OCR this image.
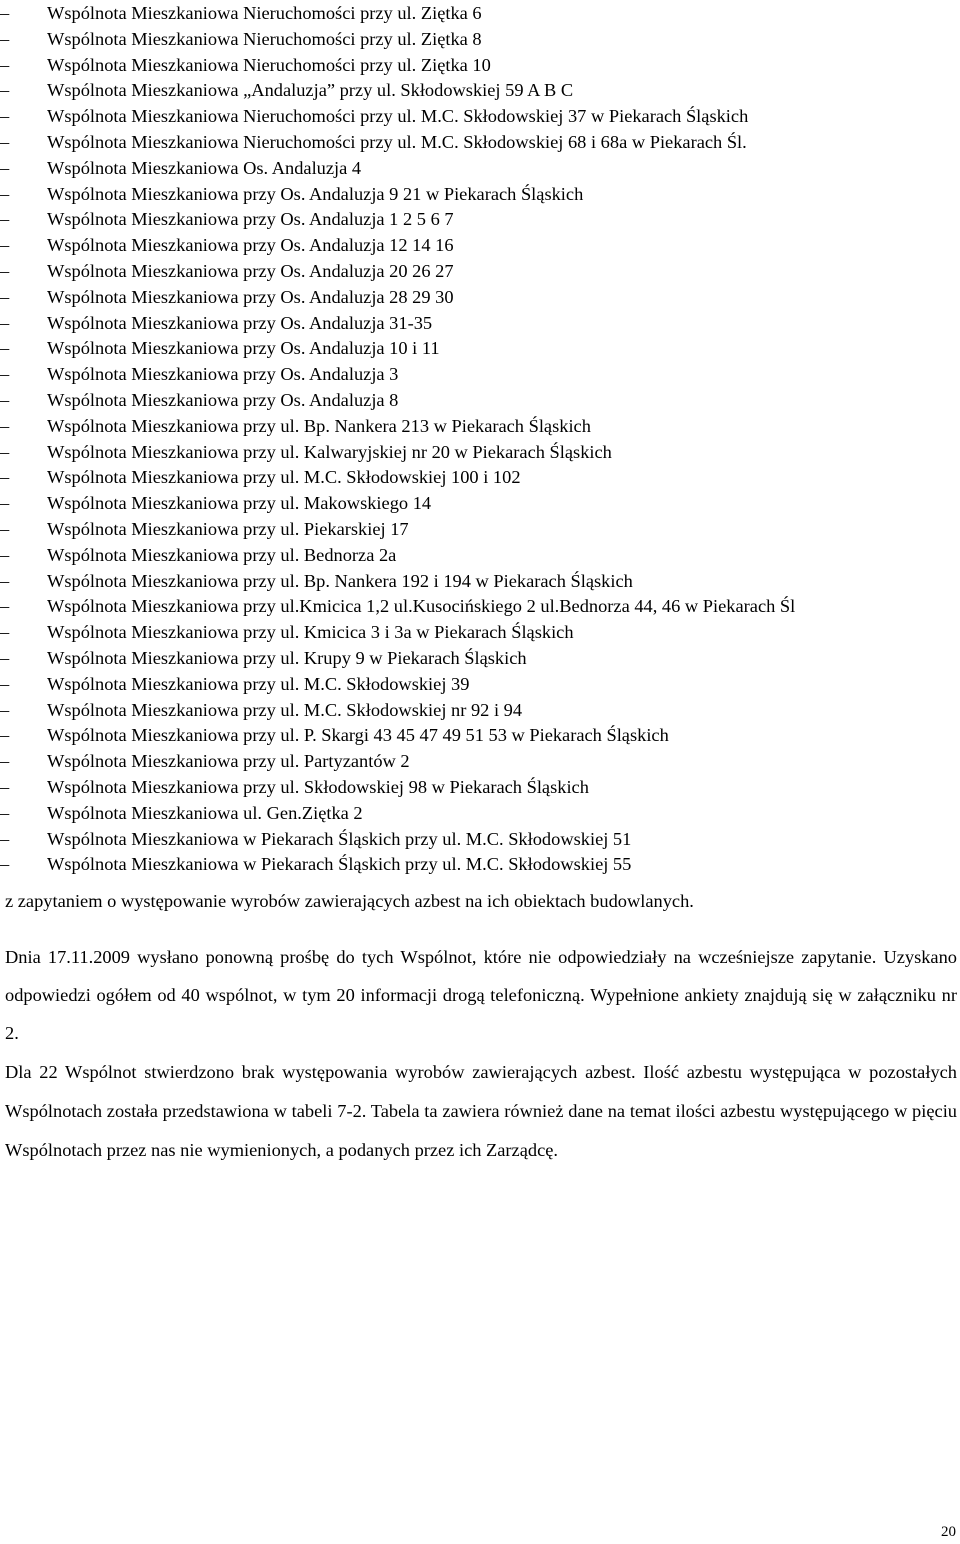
–	Wspólnota Mieszkaniowa Nieruchomości przy ul. Ziętka 6
–	Wspólnota Mieszkaniowa Nieruchomości przy ul. Ziętka 8
–	Wspólnota Mieszkaniowa Nieruchomości przy ul. Ziętka 10
–	Wspólnota Mieszkaniowa „Andaluzja” przy ul. Skłodowskiej 59 A B C
–	Wspólnota Mieszkaniowa Nieruchomości przy ul. M.C. Skłodowskiej 37 w Piekarach Śląskich
–	Wspólnota Mieszkaniowa Nieruchomości przy ul. M.C. Skłodowskiej 68 i 68a w Piekarach Śl.
–	Wspólnota Mieszkaniowa Os. Andaluzja 4
–	Wspólnota Mieszkaniowa przy Os. Andaluzja 9 21 w Piekarach Śląskich
–	Wspólnota Mieszkaniowa przy Os. Andaluzja 1 2 5 6 7
–	Wspólnota Mieszkaniowa przy Os. Andaluzja 12 14 16
–	Wspólnota Mieszkaniowa przy Os. Andaluzja 20 26 27
–	Wspólnota Mieszkaniowa przy Os. Andaluzja 28 29 30
–	Wspólnota Mieszkaniowa przy Os. Andaluzja 31-35
–	Wspólnota Mieszkaniowa przy Os. Andaluzja 10 i 11
–	Wspólnota Mieszkaniowa przy Os. Andaluzja 3
–	Wspólnota Mieszkaniowa przy Os. Andaluzja 8
–	Wspólnota Mieszkaniowa przy ul. Bp. Nankera 213 w Piekarach Śląskich
–	Wspólnota Mieszkaniowa przy ul. Kalwaryjskiej nr 20 w Piekarach Śląskich
–	Wspólnota Mieszkaniowa przy ul. M.C. Skłodowskiej 100 i 102
–	Wspólnota Mieszkaniowa przy ul. Makowskiego 14
–	Wspólnota Mieszkaniowa przy ul. Piekarskiej 17
–	Wspólnota Mieszkaniowa przy ul. Bednorza 2a
–	Wspólnota Mieszkaniowa przy ul. Bp. Nankera 192 i 194 w Piekarach Śląskich
–	Wspólnota Mieszkaniowa przy ul.Kmicica 1,2 ul.Kusocińskiego 2 ul.Bednorza 44, 46 w Piekarach Śl
–	Wspólnota Mieszkaniowa przy ul. Kmicica 3 i 3a w Piekarach Śląskich
–	Wspólnota Mieszkaniowa przy ul. Krupy 9 w Piekarach Śląskich
–	Wspólnota Mieszkaniowa przy ul. M.C. Skłodowskiej 39
–	Wspólnota Mieszkaniowa przy ul. M.C. Skłodowskiej nr 92 i 94
–	Wspólnota Mieszkaniowa przy ul. P. Skargi 43 45 47 49 51 53 w Piekarach Śląskich
–	Wspólnota Mieszkaniowa przy ul. Partyzantów 2
–	Wspólnota Mieszkaniowa przy ul. Skłodowskiej 98 w Piekarach Śląskich
–	Wspólnota Mieszkaniowa ul. Gen.Ziętka 2
–	Wspólnota Mieszkaniowa w Piekarach Śląskich przy ul. M.C. Skłodowskiej 51
–	Wspólnota Mieszkaniowa w Piekarach Śląskich przy ul. M.C. Skłodowskiej 55

z zapytaniem o występowanie wyrobów zawierających azbest na ich obiektach budowlanych.

Dnia 17.11.2009 wysłano ponowną prośbę do tych Wspólnot, które nie odpowiedziały na wcześniejsze zapytanie. Uzyskano odpowiedzi ogółem od 40 wspólnot, w tym 20 informacji drogą telefoniczną. Wypełnione ankiety znajdują się w załączniku nr 2.

Dla 22 Wspólnot stwierdzono brak występowania wyrobów zawierających azbest. Ilość azbestu występująca w pozostałych Wspólnotach została przedstawiona w tabeli 7-2. Tabela ta zawiera również dane na temat ilości azbestu występującego w pięciu Wspólnotach przez nas nie wymienionych, a podanych przez ich Zarządcę.

20
